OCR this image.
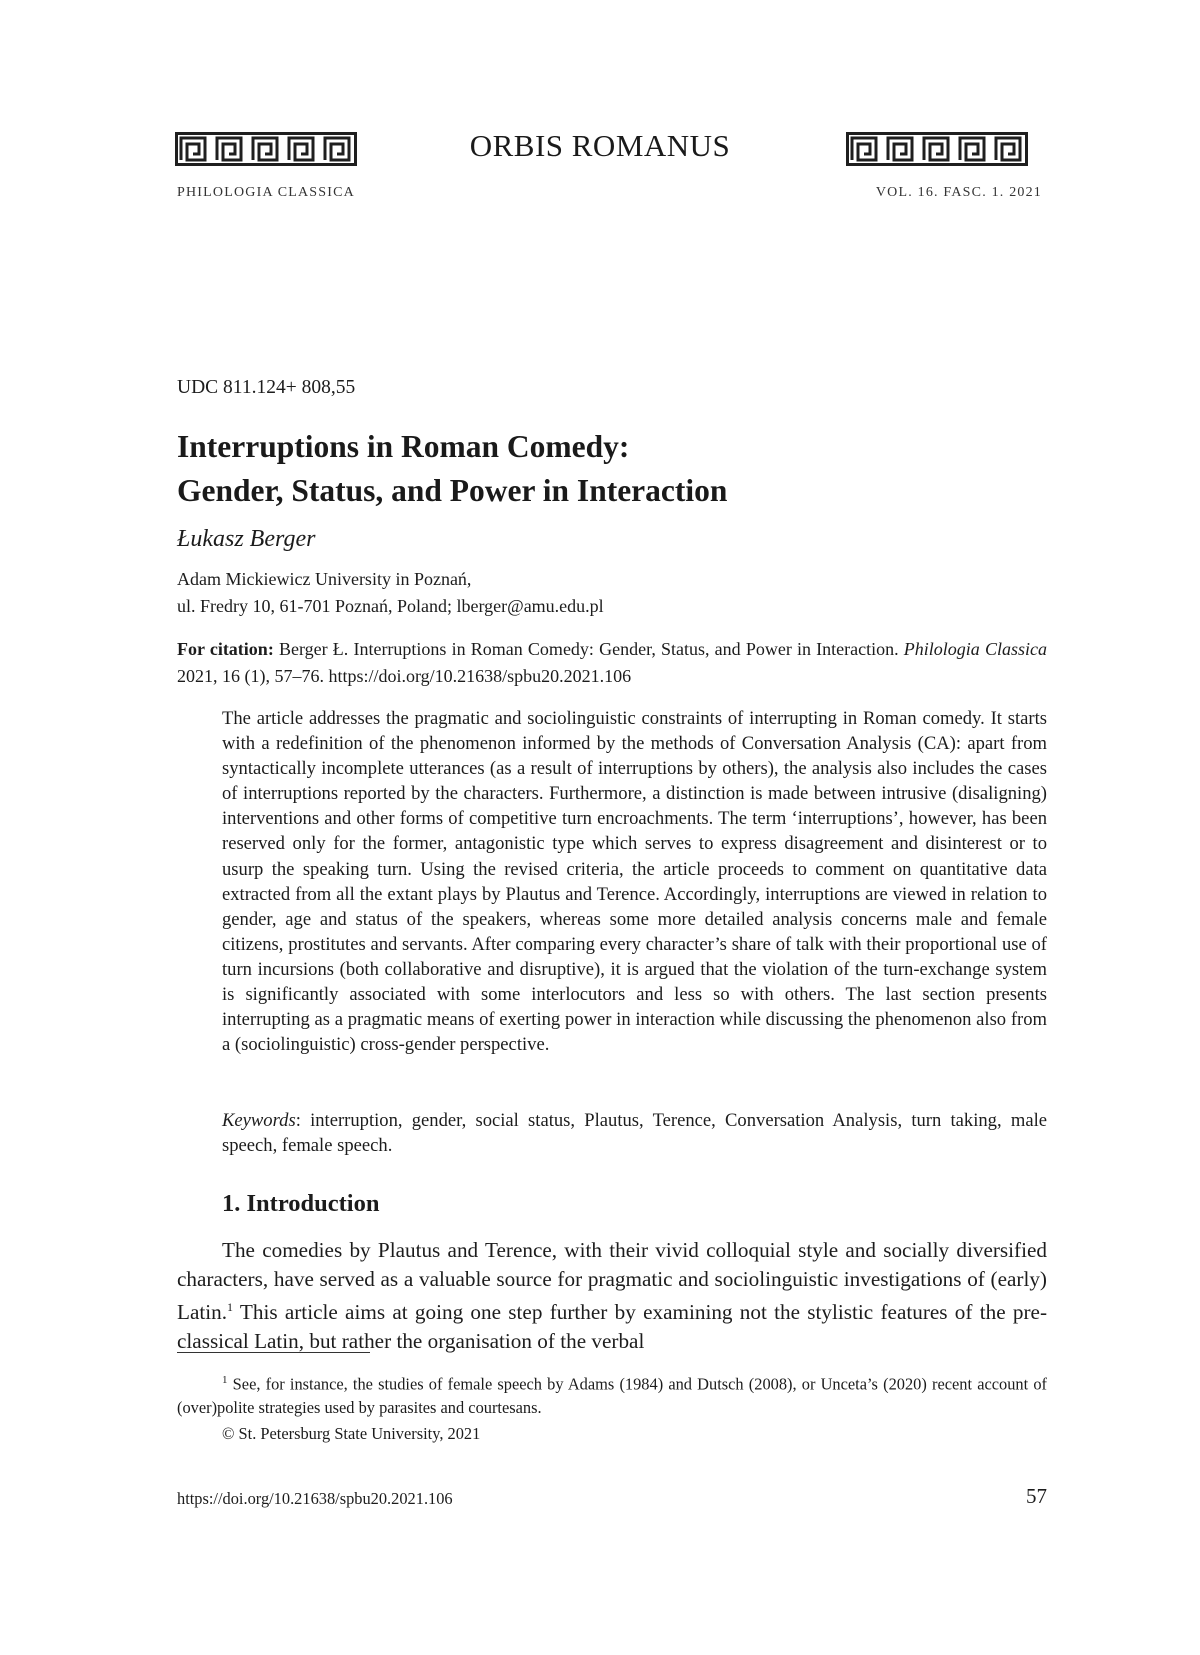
ORBIS ROMANUS
PHILOLOGIA CLASSICA	VOL. 16. FASC. 1. 2021
UDC 811.124+ 808,55
Interruptions in Roman Comedy:
Gender, Status, and Power in Interaction
Łukasz Berger
Adam Mickiewicz University in Poznań,
ul. Fredry 10, 61-701 Poznań, Poland; lberger@amu.edu.pl
For citation: Berger Ł. Interruptions in Roman Comedy: Gender, Status, and Power in Interaction. Philologia Classica 2021, 16 (1), 57–76. https://doi.org/10.21638/spbu20.2021.106
The article addresses the pragmatic and sociolinguistic constraints of interrupting in Roman comedy. It starts with a redefinition of the phenomenon informed by the methods of Conversation Analysis (CA): apart from syntactically incomplete utterances (as a result of interruptions by others), the analysis also includes the cases of interruptions reported by the characters. Furthermore, a distinction is made between intrusive (disaligning) interventions and other forms of competitive turn encroachments. The term ‘interruptions’, however, has been reserved only for the former, antagonistic type which serves to express disagreement and disinterest or to usurp the speaking turn. Using the revised criteria, the article proceeds to comment on quantitative data extracted from all the extant plays by Plautus and Terence. Accordingly, interruptions are viewed in relation to gender, age and status of the speakers, whereas some more detailed analysis concerns male and female citizens, prostitutes and servants. After comparing every character’s share of talk with their proportional use of turn incursions (both collaborative and disruptive), it is argued that the violation of the turn-exchange system is significantly associated with some interlocutors and less so with others. The last section presents interrupting as a pragmatic means of exerting power in interaction while discussing the phenomenon also from a (sociolinguistic) cross-gender perspective.
Keywords: interruption, gender, social status, Plautus, Terence, Conversation Analysis, turn taking, male speech, female speech.
1. Introduction
The comedies by Plautus and Terence, with their vivid colloquial style and socially diversified characters, have served as a valuable source for pragmatic and sociolinguistic investigations of (early) Latin.$^1$ This article aims at going one step further by examining not the stylistic features of the pre-classical Latin, but rather the organisation of the verbal
$^1$ See, for instance, the studies of female speech by Adams (1984) and Dutsch (2008), or Unceta’s (2020) recent account of (over)polite strategies used by parasites and courtesans.
© St. Petersburg State University, 2021
https://doi.org/10.21638/spbu20.2021.106	57
